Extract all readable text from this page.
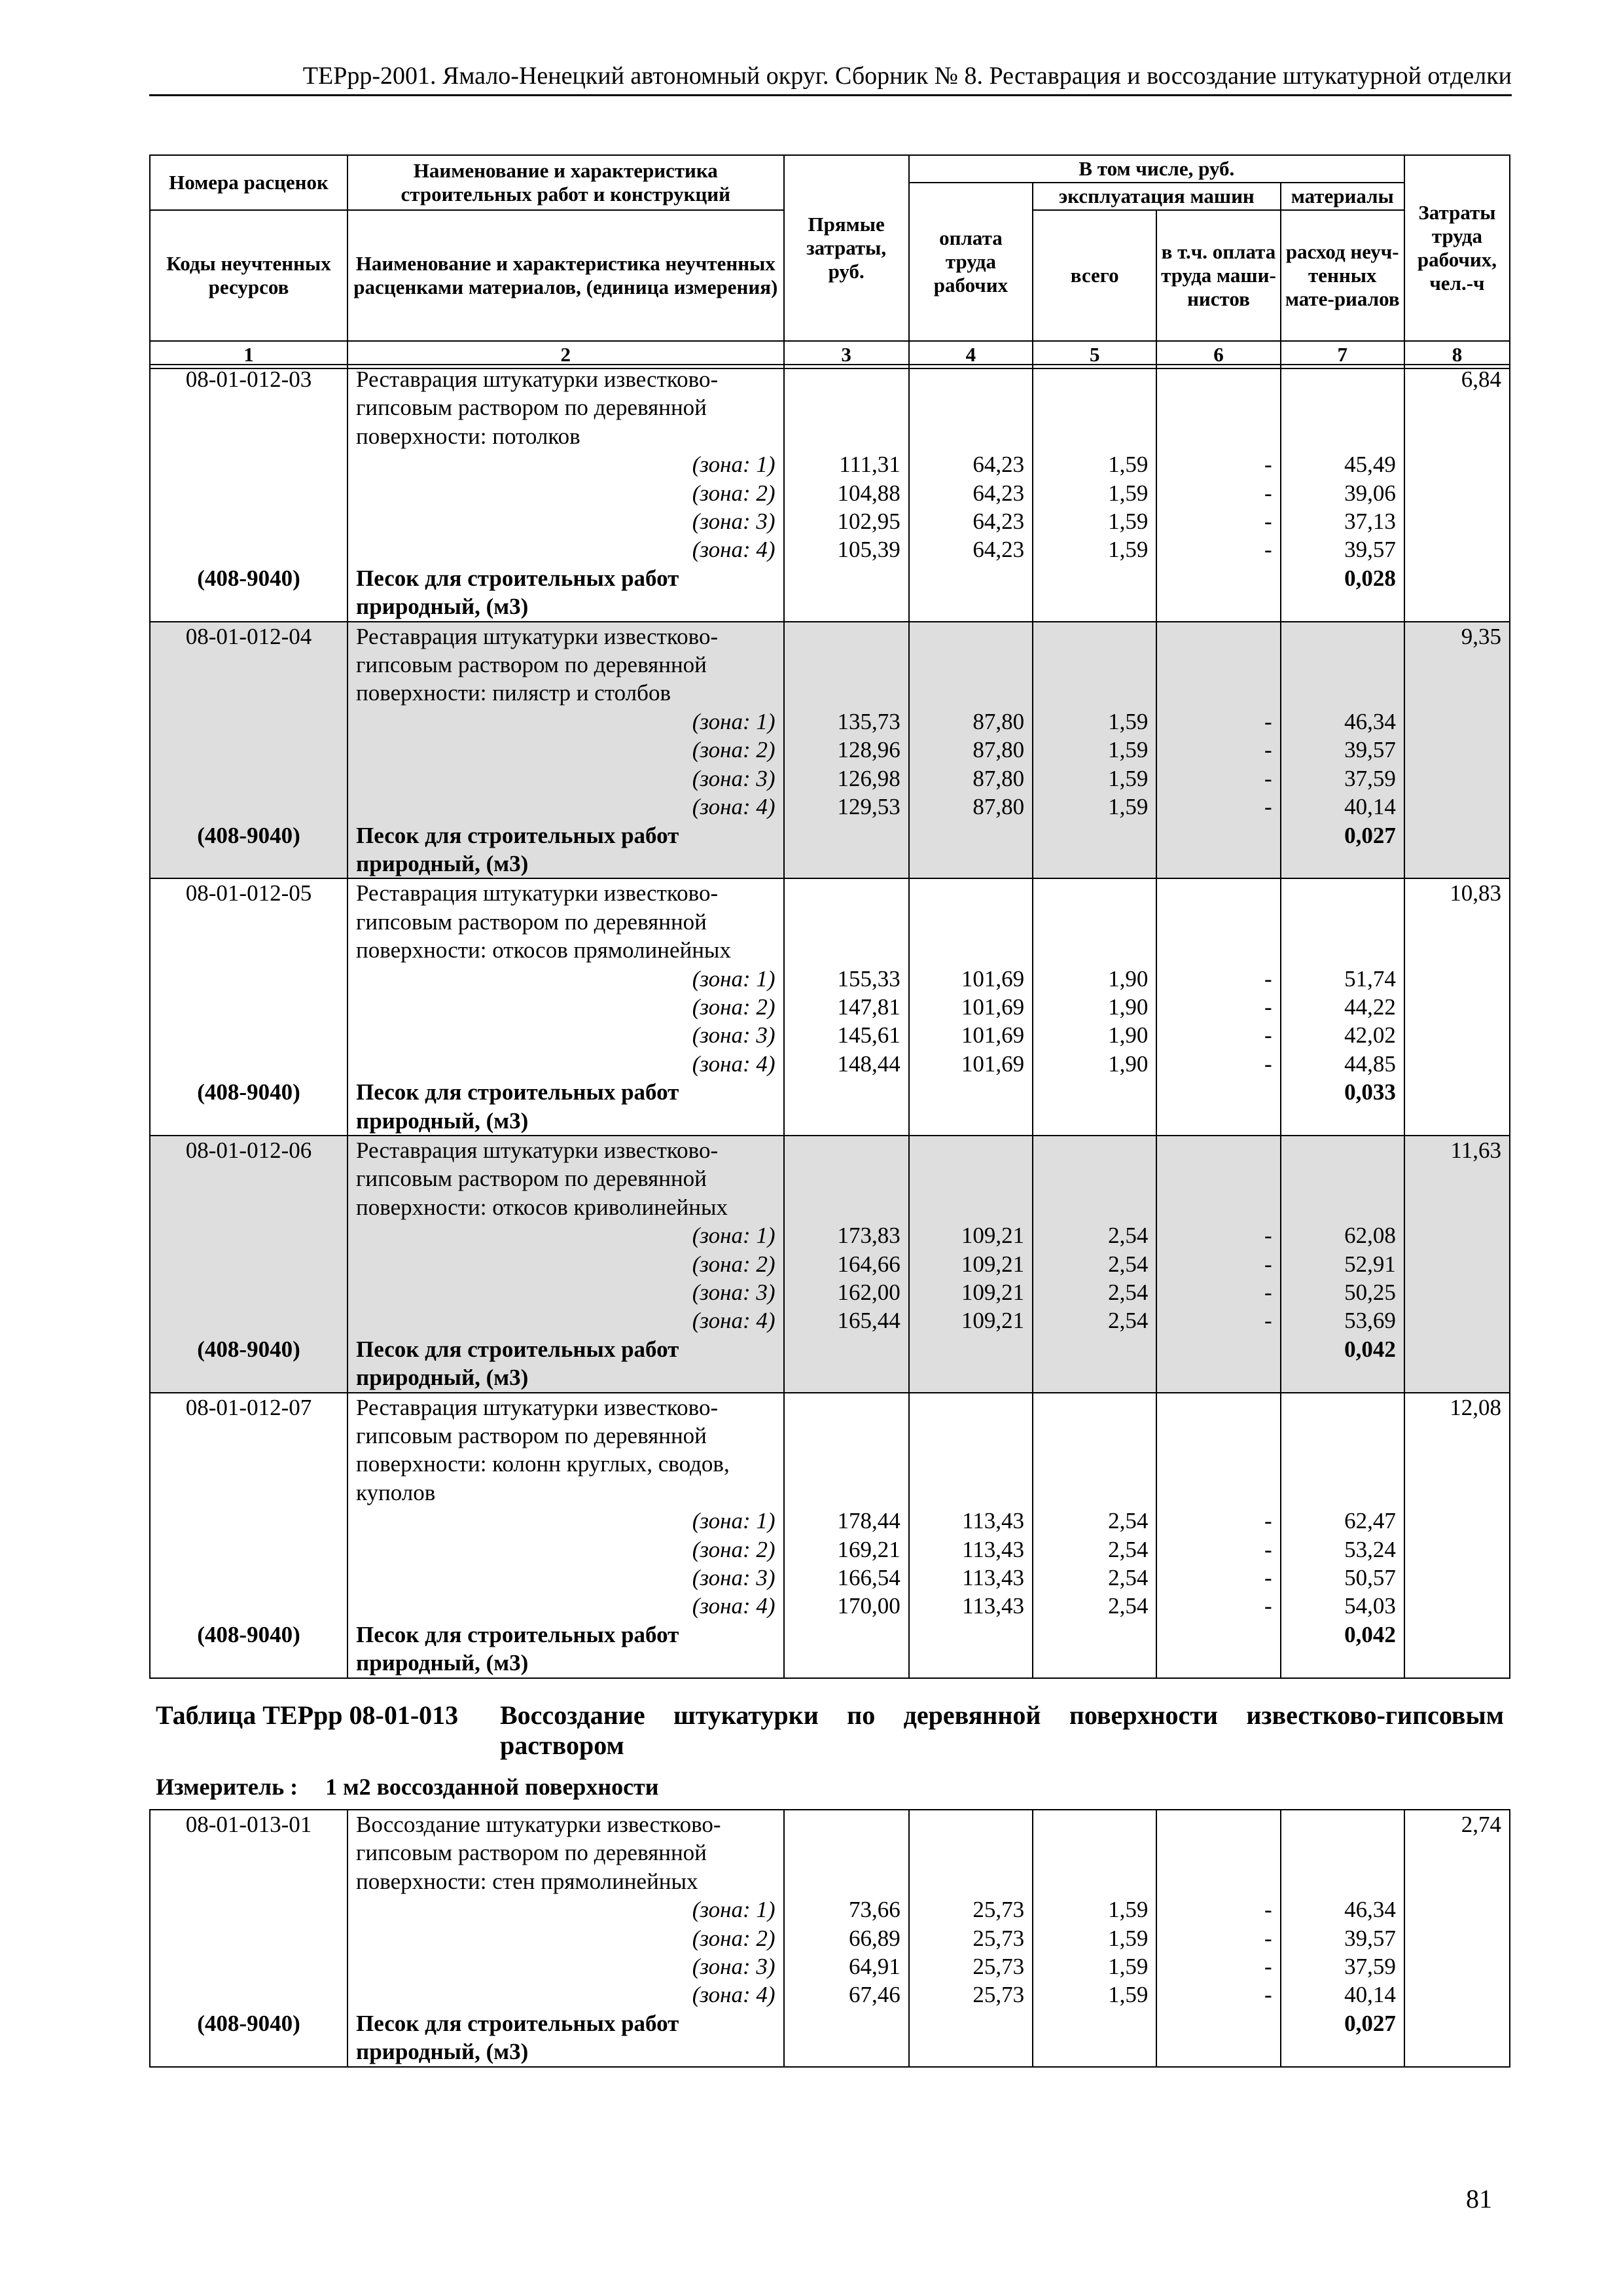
ТЕРрр-2001. Ямало-Ненецкий автономный округ. Сборник № 8. Реставрация и воссоздание штукатурной отделки
Номера расценок	Наименование и характеристика строительных работ и конструкций	Прямые затраты, руб.	В том числе, руб.				Затраты труда рабочих, чел.-ч
			оплата труда рабочих	эксплуатация машин		материалы	
Коды неучтенных ресурсов	Наименование и характеристика неучтенных расценками материалов, (единица измерения)			всего	в т.ч. оплата труда маши-нистов	расход неуч-тенных мате-риалов	

1	2	3	4	5	6	7	8
08-01-012-03	Реставрация штукатурки известково-						6,84
	гипсовым раствором по деревянной						
	поверхности: потолков						
	(зона: 1)	111,31	64,23	1,59	-	45,49	
	(зона: 2)	104,88	64,23	1,59	-	39,06	
	(зона: 3)	102,95	64,23	1,59	-	37,13	
	(зона: 4)	105,39	64,23	1,59	-	39,57	
(408-9040)	Песок для строительных работ					0,028	
	природный, (м3)						
08-01-012-04	Реставрация штукатурки известково-						9,35
	гипсовым раствором по деревянной						
	поверхности: пилястр и столбов						
	(зона: 1)	135,73	87,80	1,59	-	46,34	
	(зона: 2)	128,96	87,80	1,59	-	39,57	
	(зона: 3)	126,98	87,80	1,59	-	37,59	
	(зона: 4)	129,53	87,80	1,59	-	40,14	
(408-9040)	Песок для строительных работ					0,027	
	природный, (м3)						
08-01-012-05	Реставрация штукатурки известково-						10,83
	гипсовым раствором по деревянной						
	поверхности: откосов прямолинейных						
	(зона: 1)	155,33	101,69	1,90	-	51,74	
	(зона: 2)	147,81	101,69	1,90	-	44,22	
	(зона: 3)	145,61	101,69	1,90	-	42,02	
	(зона: 4)	148,44	101,69	1,90	-	44,85	
(408-9040)	Песок для строительных работ					0,033	
	природный, (м3)						
08-01-012-06	Реставрация штукатурки известково-						11,63
	гипсовым раствором по деревянной						
	поверхности: откосов криволинейных						
	(зона: 1)	173,83	109,21	2,54	-	62,08	
	(зона: 2)	164,66	109,21	2,54	-	52,91	
	(зона: 3)	162,00	109,21	2,54	-	50,25	
	(зона: 4)	165,44	109,21	2,54	-	53,69	
(408-9040)	Песок для строительных работ					0,042	
	природный, (м3)						
08-01-012-07	Реставрация штукатурки известково-						12,08
	гипсовым раствором по деревянной						
	поверхности: колонн круглых, сводов,						
	куполов						
	(зона: 1)	178,44	113,43	2,54	-	62,47	
	(зона: 2)	169,21	113,43	2,54	-	53,24	
	(зона: 3)	166,54	113,43	2,54	-	50,57	
	(зона: 4)	170,00	113,43	2,54	-	54,03	
(408-9040)	Песок для строительных работ					0,042	
	природный, (м3)						
Таблица ТЕРрр 08-01-013 Воссоздание штукатурки по деревянной поверхности известково-гипсовым раствором
Измеритель : 1 м2 воссозданной поверхности
08-01-013-01	Воссоздание штукатурки известково-						2,74
	гипсовым раствором по деревянной						
	поверхности: стен прямолинейных						
	(зона: 1)	73,66	25,73	1,59	-	46,34	
	(зона: 2)	66,89	25,73	1,59	-	39,57	
	(зона: 3)	64,91	25,73	1,59	-	37,59	
	(зона: 4)	67,46	25,73	1,59	-	40,14	
(408-9040)	Песок для строительных работ					0,027	
	природный, (м3)						
81
